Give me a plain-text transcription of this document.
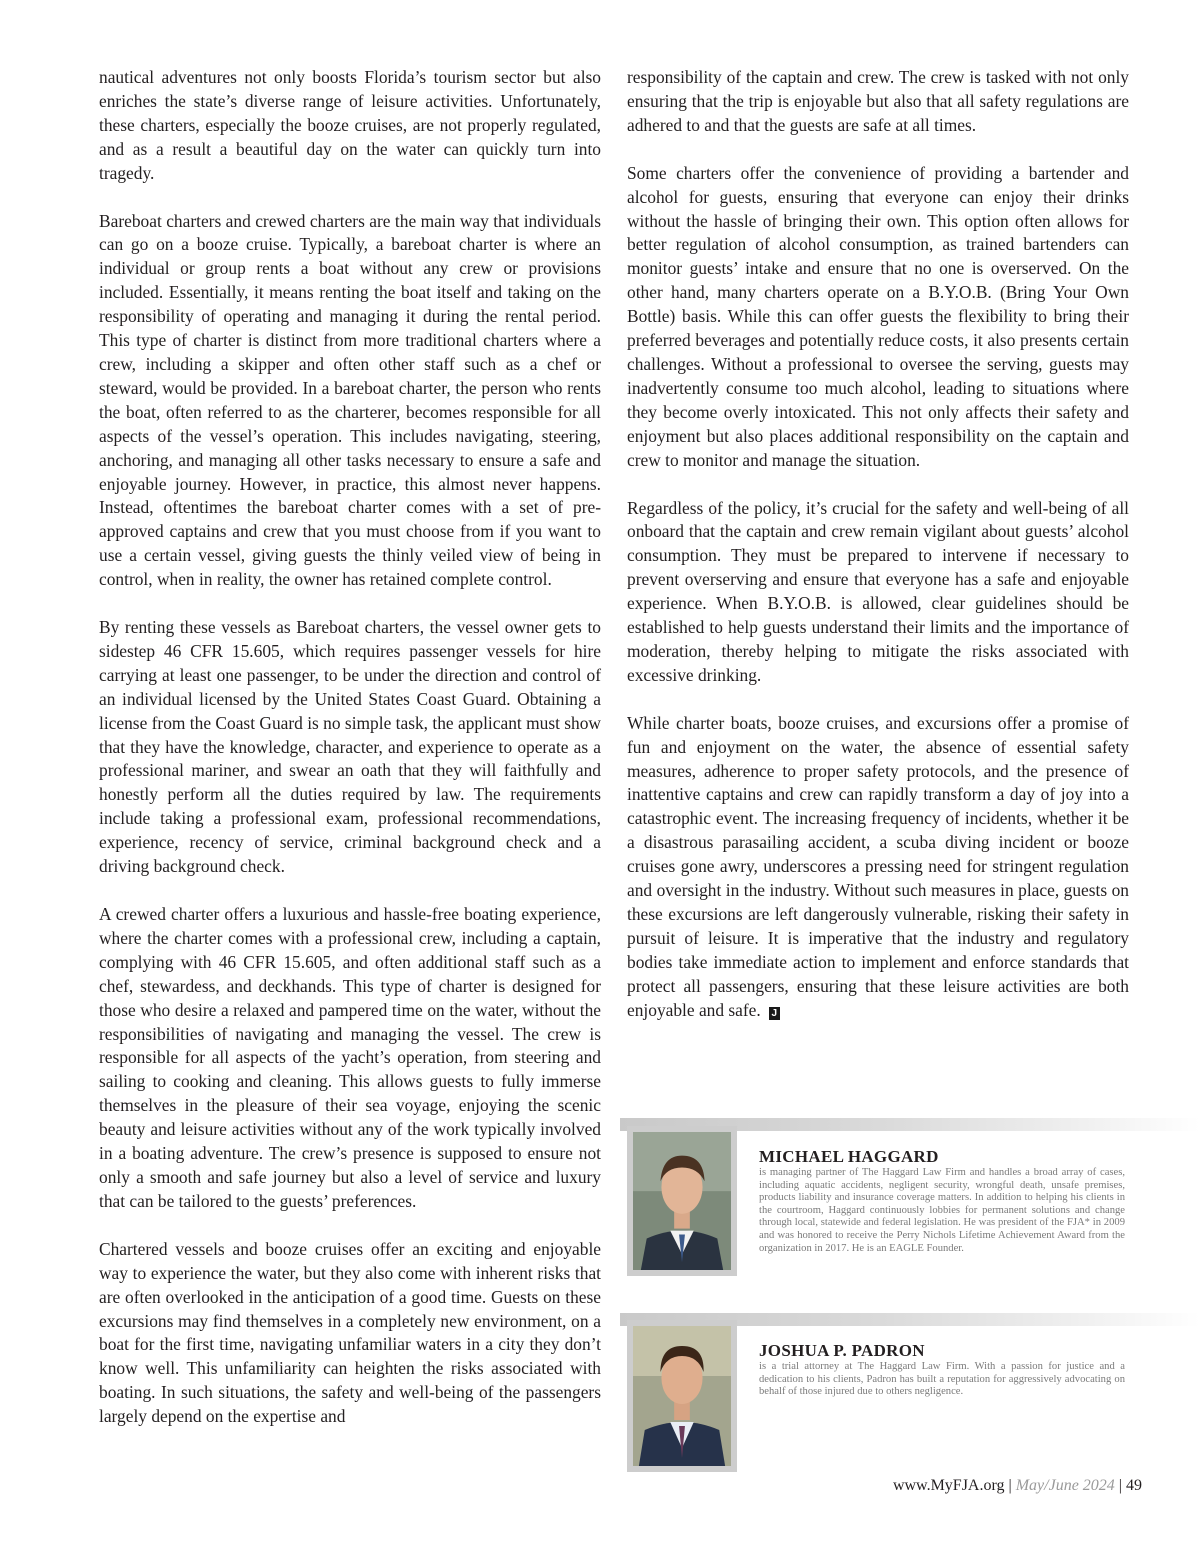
nautical adventures not only boosts Florida’s tourism sector but also enriches the state’s diverse range of leisure activities. Unfortunately, these charters, especially the booze cruises, are not properly regulated, and as a result a beautiful day on the water can quickly turn into tragedy.

Bareboat charters and crewed charters are the main way that individuals can go on a booze cruise. Typically, a bareboat charter is where an individual or group rents a boat without any crew or provisions included. Essentially, it means renting the boat itself and taking on the responsibility of operating and managing it during the rental period. This type of charter is distinct from more traditional charters where a crew, including a skipper and often other staff such as a chef or steward, would be provided. In a bareboat charter, the person who rents the boat, often referred to as the charterer, becomes responsible for all aspects of the vessel’s operation. This includes navigating, steering, anchoring, and managing all other tasks necessary to ensure a safe and enjoyable journey. However, in practice, this almost never happens. Instead, oftentimes the bareboat charter comes with a set of pre-approved captains and crew that you must choose from if you want to use a certain vessel, giving guests the thinly veiled view of being in control, when in reality, the owner has retained complete control.

By renting these vessels as Bareboat charters, the vessel owner gets to sidestep 46 CFR 15.605, which requires passenger vessels for hire carrying at least one passenger, to be under the direction and control of an individual licensed by the United States Coast Guard. Obtaining a license from the Coast Guard is no simple task, the applicant must show that they have the knowledge, character, and experience to operate as a professional mariner, and swear an oath that they will faithfully and honestly perform all the duties required by law. The requirements include taking a professional exam, professional recommendations, experience, recency of service, criminal background check and a driving background check.

A crewed charter offers a luxurious and hassle-free boating experience, where the charter comes with a professional crew, including a captain, complying with 46 CFR 15.605, and often additional staff such as a chef, stewardess, and deckhands. This type of charter is designed for those who desire a relaxed and pampered time on the water, without the responsibilities of navigating and managing the vessel. The crew is responsible for all aspects of the yacht’s operation, from steering and sailing to cooking and cleaning. This allows guests to fully immerse themselves in the pleasure of their sea voyage, enjoying the scenic beauty and leisure activities without any of the work typically involved in a boating adventure. The crew’s presence is supposed to ensure not only a smooth and safe journey but also a level of service and luxury that can be tailored to the guests’ preferences.

Chartered vessels and booze cruises offer an exciting and enjoyable way to experience the water, but they also come with inherent risks that are often overlooked in the anticipation of a good time. Guests on these excursions may find themselves in a completely new environment, on a boat for the first time, navigating unfamiliar waters in a city they don’t know well. This unfamiliarity can heighten the risks associated with boating. In such situations, the safety and well-being of the passengers largely depend on the expertise and

responsibility of the captain and crew. The crew is tasked with not only ensuring that the trip is enjoyable but also that all safety regulations are adhered to and that the guests are safe at all times.

Some charters offer the convenience of providing a bartender and alcohol for guests, ensuring that everyone can enjoy their drinks without the hassle of bringing their own. This option often allows for better regulation of alcohol consumption, as trained bartenders can monitor guests’ intake and ensure that no one is overserved. On the other hand, many charters operate on a B.Y.O.B. (Bring Your Own Bottle) basis. While this can offer guests the flexibility to bring their preferred beverages and potentially reduce costs, it also presents certain challenges. Without a professional to oversee the serving, guests may inadvertently consume too much alcohol, leading to situations where they become overly intoxicated. This not only affects their safety and enjoyment but also places additional responsibility on the captain and crew to monitor and manage the situation.

Regardless of the policy, it’s crucial for the safety and well-being of all onboard that the captain and crew remain vigilant about guests’ alcohol consumption. They must be prepared to intervene if necessary to prevent overserving and ensure that everyone has a safe and enjoyable experience. When B.Y.O.B. is allowed, clear guidelines should be established to help guests understand their limits and the importance of moderation, thereby helping to mitigate the risks associated with excessive drinking.

While charter boats, booze cruises, and excursions offer a promise of fun and enjoyment on the water, the absence of essential safety measures, adherence to proper safety protocols, and the presence of inattentive captains and crew can rapidly transform a day of joy into a catastrophic event. The increasing frequency of incidents, whether it be a disastrous parasailing accident, a scuba diving incident or booze cruises gone awry, underscores a pressing need for stringent regulation and oversight in the industry. Without such measures in place, guests on these excursions are left dangerously vulnerable, risking their safety in pursuit of leisure. It is imperative that the industry and regulatory bodies take immediate action to implement and enforce standards that protect all passengers, ensuring that these leisure activities are both enjoyable and safe. J

MICHAEL HAGGARD
is managing partner of The Haggard Law Firm and handles a broad array of cases, including aquatic accidents, negligent security, wrongful death, unsafe premises, products liability and insurance coverage matters. In addition to helping his clients in the courtroom, Haggard continuously lobbies for permanent solutions and change through local, statewide and federal legislation. He was president of the FJA* in 2009 and was honored to receive the Perry Nichols Lifetime Achievement Award from the organization in 2017. He is an EAGLE Founder.
JOSHUA P. PADRON
is a trial attorney at The Haggard Law Firm. With a passion for justice and a dedication to his clients, Padron has built a reputation for aggressively advocating on behalf of those injured due to others negligence.
www.MyFJA.org | May/June 2024 | 49
